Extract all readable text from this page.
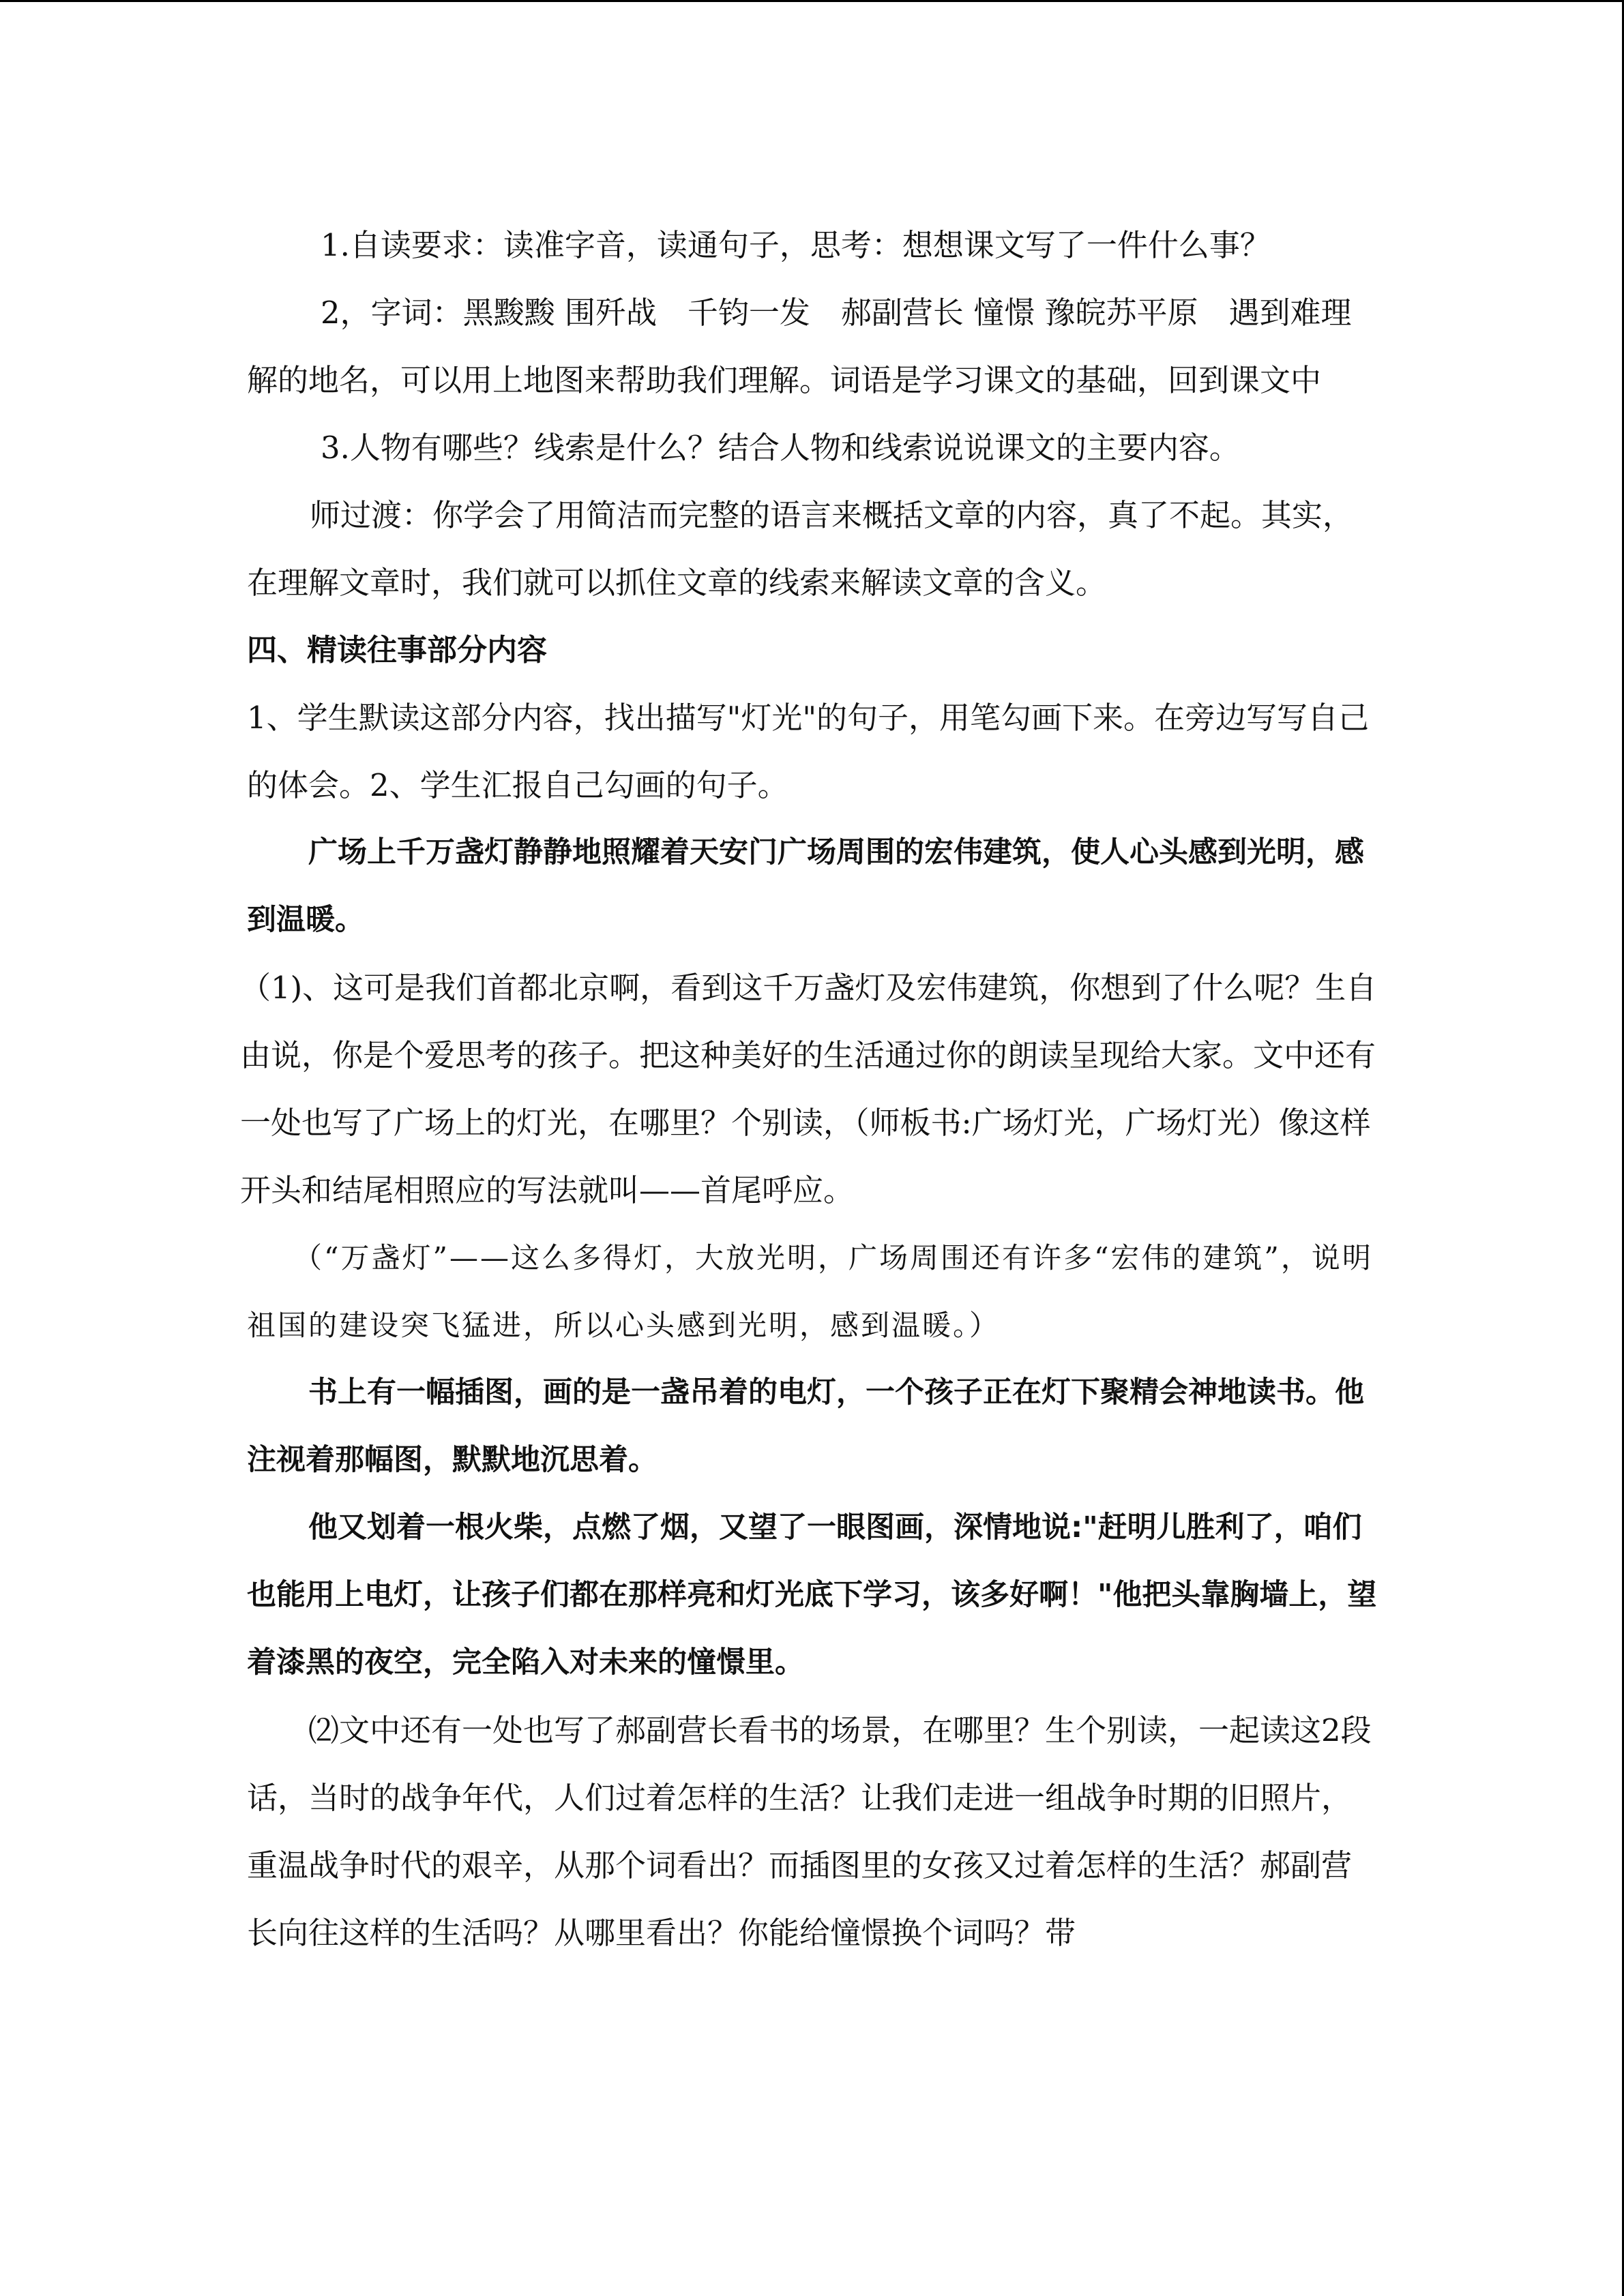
1.自读要求：读准字音，读通句子，思考：想想课文写了一件什么事？

2，字词：黑黢黢 围歼战　千钧一发　郝副营长 憧憬 豫皖苏平原　遇到难理解的地名，可以用上地图来帮助我们理解。词语是学习课文的基础，回到课文中

3.人物有哪些？线索是什么？结合人物和线索说说课文的主要内容。

师过渡：你学会了用简洁而完整的语言来概括文章的内容，真了不起。其实，在理解文章时，我们就可以抓住文章的线索来解读文章的含义。

四、精读往事部分内容

1、学生默读这部分内容，找出描写"灯光"的句子，用笔勾画下来。在旁边写写自己的体会。2、学生汇报自己勾画的句子。

广场上千万盏灯静静地照耀着天安门广场周围的宏伟建筑，使人心头感到光明，感到温暖。

（1)、这可是我们首都北京啊，看到这千万盏灯及宏伟建筑，你想到了什么呢？生自由说，你是个爱思考的孩子。把这种美好的生活通过你的朗读呈现给大家。文中还有一处也写了广场上的灯光，在哪里？个别读，（师板书:广场灯光，广场灯光）像这样开头和结尾相照应的写法就叫——首尾呼应。

（“万盏灯”——这么多得灯，大放光明，广场周围还有许多“宏伟的建筑”，说明祖国的建设突飞猛进，所以心头感到光明，感到温暖。）

书上有一幅插图，画的是一盏吊着的电灯，一个孩子正在灯下聚精会神地读书。他注视着那幅图，默默地沉思着。

他又划着一根火柴，点燃了烟，又望了一眼图画，深情地说:"赶明儿胜利了，咱们也能用上电灯，让孩子们都在那样亮和灯光底下学习，该多好啊！"他把头靠胸墙上，望着漆黑的夜空，完全陷入对未来的憧憬里。

⑵文中还有一处也写了郝副营长看书的场景，在哪里？生个别读，一起读这2段话，当时的战争年代，人们过着怎样的生活？让我们走进一组战争时期的旧照片，重温战争时代的艰辛，从那个词看出？而插图里的女孩又过着怎样的生活？郝副营长向往这样的生活吗？从哪里看出？你能给憧憬换个词吗？带
